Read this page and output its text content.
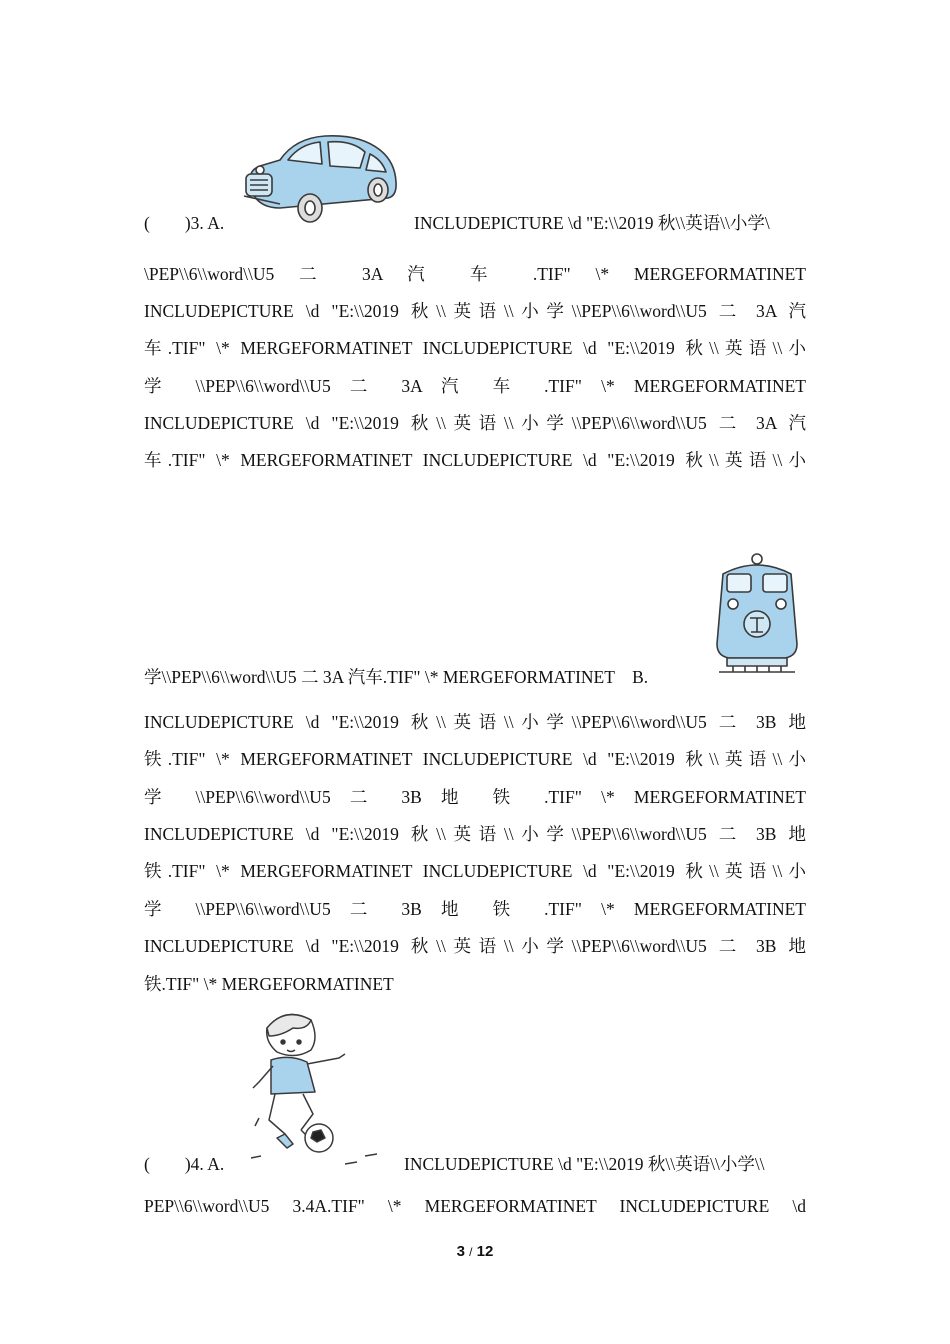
(　　)3. A.	INCLUDEPICTURE \d "E:\\2019 秋\\英语\\小学\
\PEP\\6\\word\\U5 二 3A 汽 车 .TIF" \* MERGEFORMATINET
INCLUDEPICTURE \d "E:\\2019 秋\\英语\\小学\\PEP\\6\\word\\U5 二 3A 汽
车.TIF" \* MERGEFORMATINET INCLUDEPICTURE \d "E:\\2019 秋\\英语\\小
学 \\PEP\\6\\word\\U5 二 3A 汽 车 .TIF" \* MERGEFORMATINET
INCLUDEPICTURE \d "E:\\2019 秋\\英语\\小学\\PEP\\6\\word\\U5 二 3A 汽
车.TIF" \* MERGEFORMATINET INCLUDEPICTURE \d "E:\\2019 秋\\英语\\小
学\\PEP\\6\\word\\U5 二 3A 汽车.TIF" \* MERGEFORMATINET　B.
INCLUDEPICTURE \d "E:\\2019 秋\\英语\\小学\\PEP\\6\\word\\U5 二 3B 地
铁.TIF" \* MERGEFORMATINET INCLUDEPICTURE \d "E:\\2019 秋\\英语\\小
学 \\PEP\\6\\word\\U5 二 3B 地 铁 .TIF" \* MERGEFORMATINET
INCLUDEPICTURE \d "E:\\2019 秋\\英语\\小学\\PEP\\6\\word\\U5 二 3B 地
铁.TIF" \* MERGEFORMATINET INCLUDEPICTURE \d "E:\\2019 秋\\英语\\小
学 \\PEP\\6\\word\\U5 二 3B 地 铁 .TIF" \* MERGEFORMATINET
INCLUDEPICTURE \d "E:\\2019 秋\\英语\\小学\\PEP\\6\\word\\U5 二 3B 地
铁.TIF" \* MERGEFORMATINET
(　　)4. A.	INCLUDEPICTURE \d "E:\\2019 秋\\英语\\小学\\
PEP\\6\\word\\U5 3.4A.TIF" \* MERGEFORMATINET INCLUDEPICTURE \d
3 / 12
